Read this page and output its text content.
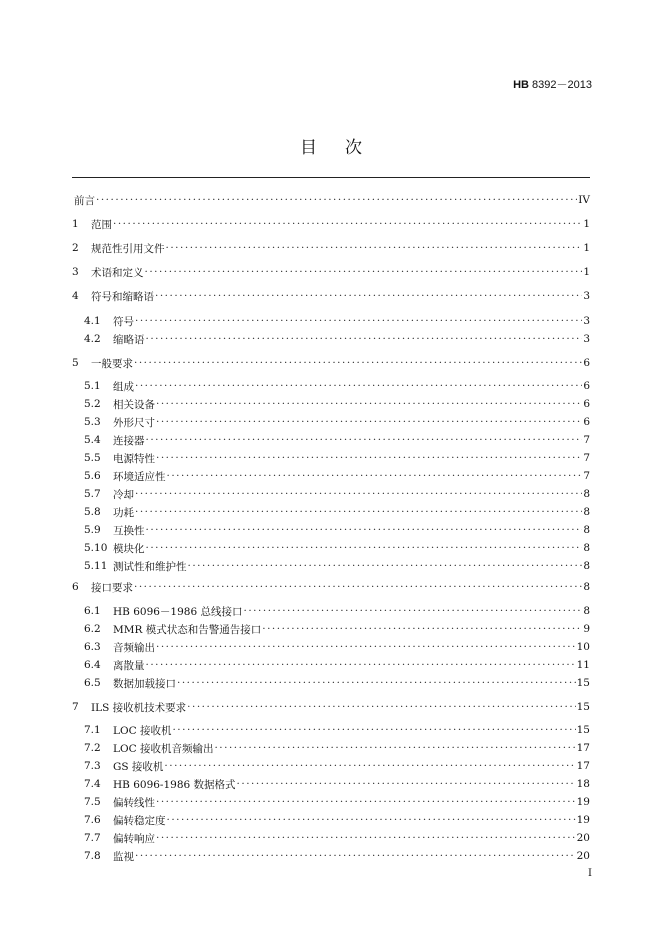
HB 8392－2013
目次
前言 ·····	IV
1	范围 ·····	1
2	规范性引用文件 ·····	1
3	术语和定义 ·····	1
4	符号和缩略语 ·····	3
4.1	符号 ·····	3
4.2	缩略语 ·····	3
5	一般要求 ·····	6
5.1	组成 ·····	6
5.2	相关设备 ·····	6
5.3	外形尺寸 ·····	6
5.4	连接器 ·····	7
5.5	电源特性 ·····	7
5.6	环境适应性 ·····	7
5.7	冷却 ·····	8
5.8	功耗 ·····	8
5.9	互换性 ·····	8
5.10 模块化 ·····	8
5.11 测试性和维护性 ·····	8
6	接口要求 ·····	8
6.1	HB 6096－1986 总线接口 ·····	8
6.2	MMR 模式状态和告警通告接口 ·····	9
6.3	音频输出 ·····	10
6.4	离散量 ·····	11
6.5	数据加载接口 ·····	15
7	ILS 接收机技术要求 ·····	15
7.1	LOC 接收机 ·····	15
7.2	LOC 接收机音频输出 ·····	17
7.3	GS 接收机 ·····	17
7.4	HB 6096-1986 数据格式 ·····	18
7.5	偏转线性 ·····	19
7.6	偏转稳定度 ·····	19
7.7	偏转响应 ·····	20
7.8	监视 ·····	20
I
